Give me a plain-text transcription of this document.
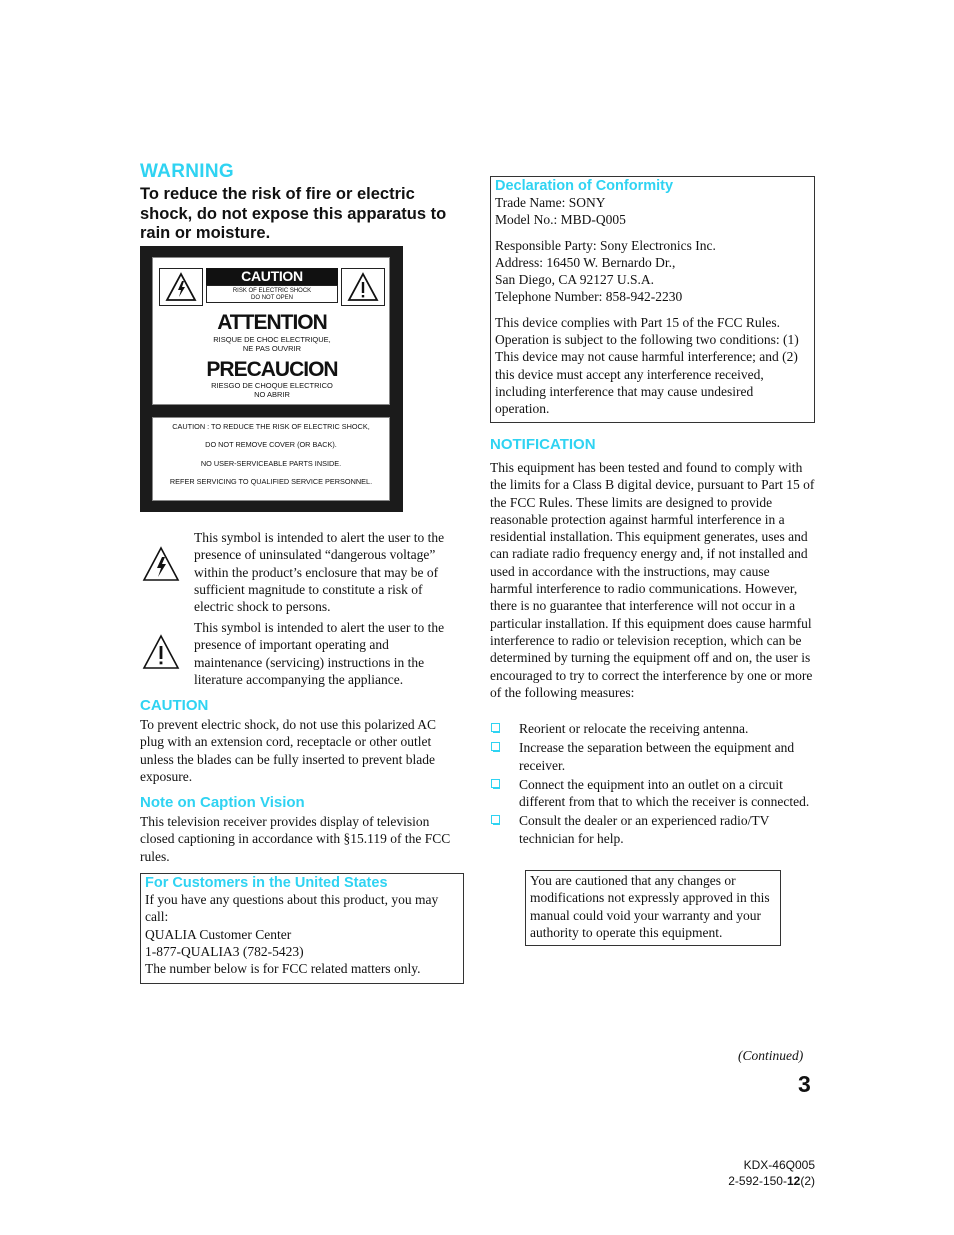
WARNING
To reduce the risk of fire or electric shock, do not expose this apparatus to rain or moisture.
CAUTION
RISK OF ELECTRIC SHOCK
DO NOT OPEN
ATTENTION
RISQUE DE CHOC ELECTRIQUE,
NE PAS OUVRIR
PRECAUCION
RIESGO DE CHOQUE ELECTRICO
NO ABRIR
CAUTION : TO REDUCE THE RISK OF ELECTRIC SHOCK,
DO NOT REMOVE COVER (OR BACK).
NO USER-SERVICEABLE PARTS INSIDE.
REFER SERVICING TO QUALIFIED SERVICE PERSONNEL.
This symbol is intended to alert the user to the presence of uninsulated “dangerous voltage” within the product’s enclosure that may be of sufficient magnitude to constitute a risk of electric shock to persons.
This symbol is intended to alert the user to the presence of important operating and maintenance (servicing) instructions in the literature accompanying the appliance.
CAUTION
To prevent electric shock, do not use this polarized AC plug with an extension cord, receptacle or other outlet unless the blades can be fully inserted to prevent blade exposure.
Note on Caption Vision
This television receiver provides display of television closed captioning in accordance with §15.119 of the FCC rules.
For Customers in the United States
If you have any questions about this product, you may call:
QUALIA Customer Center
1-877-QUALIA3 (782-5423)
The number below is for FCC related matters only.
Declaration of Conformity
Trade Name: SONY
Model No.: MBD-Q005
Responsible Party: Sony Electronics Inc.
Address: 16450 W. Bernardo Dr.,
San Diego, CA 92127 U.S.A.
Telephone Number: 858-942-2230
This device complies with Part 15 of the FCC Rules. Operation is subject to the following two conditions: (1) This device may not cause harmful interference; and (2) this device must accept any interference received, including interference that may cause undesired operation.
NOTIFICATION
This equipment has been tested and found to comply with the limits for a Class B digital device, pursuant to Part 15 of the FCC Rules. These limits are designed to provide reasonable protection against harmful interference in a residential installation. This equipment generates, uses and can radiate radio frequency energy and, if not installed and used in accordance with the instructions, may cause harmful interference to radio communications. However, there is no guarantee that interference will not occur in a particular installation. If this equipment does cause harmful interference to radio or television reception, which can be determined by turning the equipment off and on, the user is encouraged to try to correct the interference by one or more of the following measures:
Reorient or relocate the receiving antenna.
Increase the separation between the equipment and receiver.
Connect the equipment into an outlet on a circuit different from that to which the receiver is connected.
Consult the dealer or an experienced radio/TV technician for help.
You are cautioned that any changes or modifications not expressly approved in this manual could void your warranty and your authority to operate this equipment.
(Continued)
3
KDX-46Q005
2-592-150-12(2)
